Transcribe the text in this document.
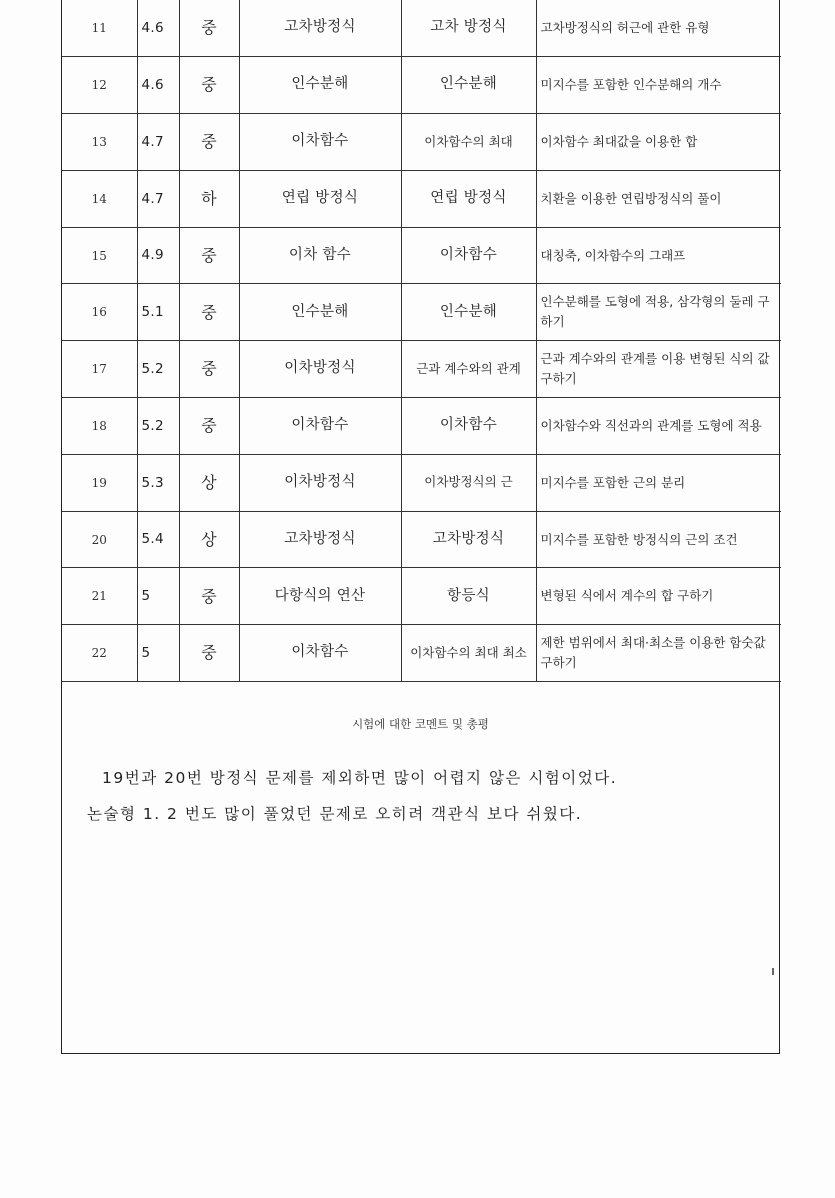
11	4.6	중	고차방정식	고차 방정식	고차방정식의 허근에 관한 유형
12	4.6	중	인수분해	인수분해	미지수를 포함한 인수분해의 개수
13	4.7	중	이차함수	이차함수의 최대	이차함수 최대값을 이용한 합
14	4.7	하	연립 방정식	연립 방정식	치환을 이용한 연립방정식의 풀이
15	4.9	중	이차 함수	이차함수	대칭축, 이차함수의 그래프
16	5.1	중	인수분해	인수분해	인수분해를 도형에 적용, 삼각형의 둘레 구하기
17	5.2	중	이차방정식	근과 계수와의 관계	근과 계수와의 관계를 이용 변형된 식의 값 구하기
18	5.2	중	이차함수	이차함수	이차함수와 직선과의 관계를 도형에 적용
19	5.3	상	이차방정식	이차방정식의 근	미지수를 포함한 근의 분리
20	5.4	상	고차방정식	고차방정식	미지수를 포함한 방정식의 근의 조건
21	5	중	다항식의 연산	항등식	변형된 식에서 계수의 합 구하기
22	5	중	이차함수	이차함수의 최대 최소	제한 범위에서 최대·최소를 이용한 함숫값 구하기
시험에 대한 코멘트 및 총평
19번과 20번 방정식 문제를 제외하면 많이 어렵지 않은 시험이었다.
논술형 1. 2 번도 많이 풀었던 문제로 오히려 객관식 보다 쉬웠다.
